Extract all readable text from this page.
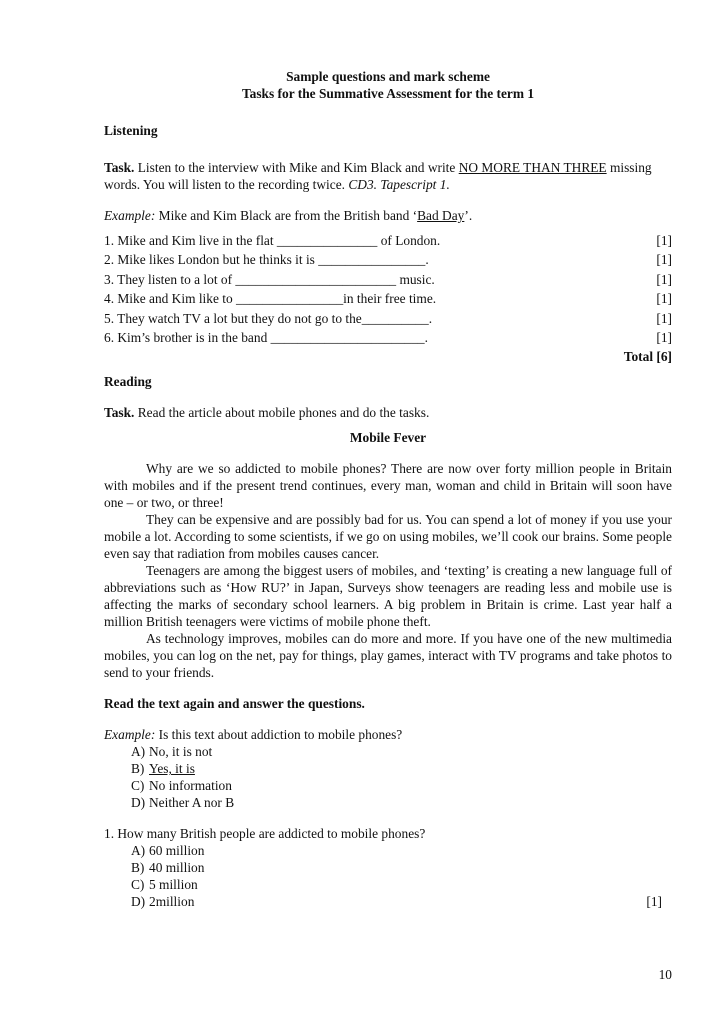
Sample questions and mark scheme
Tasks for the Summative Assessment for the term 1

Listening

Task. Listen to the interview with Mike and Kim Black and write NO MORE THAN THREE missing words. You will listen to the recording twice. CD3. Tapescript 1.

Example: Mike and Kim Black are from the British band ‘Bad Day’.

1. Mike and Kim live in the flat _______________ of London.	[1]
2. Mike likes London but he thinks it is ________________.	[1]
3. They listen to a lot of ________________________ music.	[1]
4. Mike and Kim like to ________________in their free time.	[1]
5. They watch TV a lot but they do not go to the__________.	[1]
6. Kim’s brother is in the band _______________________.	[1]
Total [6]

Reading

Task. Read the article about mobile phones and do the tasks.

Mobile Fever

Why are we so addicted to mobile phones? There are now over forty million people in Britain with mobiles and if the present trend continues, every man, woman and child in Britain will soon have one – or two, or three!

They can be expensive and are possibly bad for us. You can spend a lot of money if you use your mobile a lot. According to some scientists, if we go on using mobiles, we’ll cook our brains. Some people even say that radiation from mobiles causes cancer.

Teenagers are among the biggest users of mobiles, and ‘texting’ is creating a new language full of abbreviations such as ‘How RU?’ in Japan, Surveys show teenagers are reading less and mobile use is affecting the marks of secondary school learners. A big problem in Britain is crime. Last year half a million British teenagers were victims of mobile phone theft.

As technology improves, mobiles can do more and more. If you have one of the new multimedia mobiles, you can log on the net, pay for things, play games, interact with TV programs and take photos to send to your friends.

Read the text again and answer the questions.

Example: Is this text about addiction to mobile phones?

A) No, it is not
B) Yes, it is
C) No information
D) Neither A nor B

1. How many British people are addicted to mobile phones?

A) 60 million
B) 40 million
C) 5 million
D) 2million	[1]
10
